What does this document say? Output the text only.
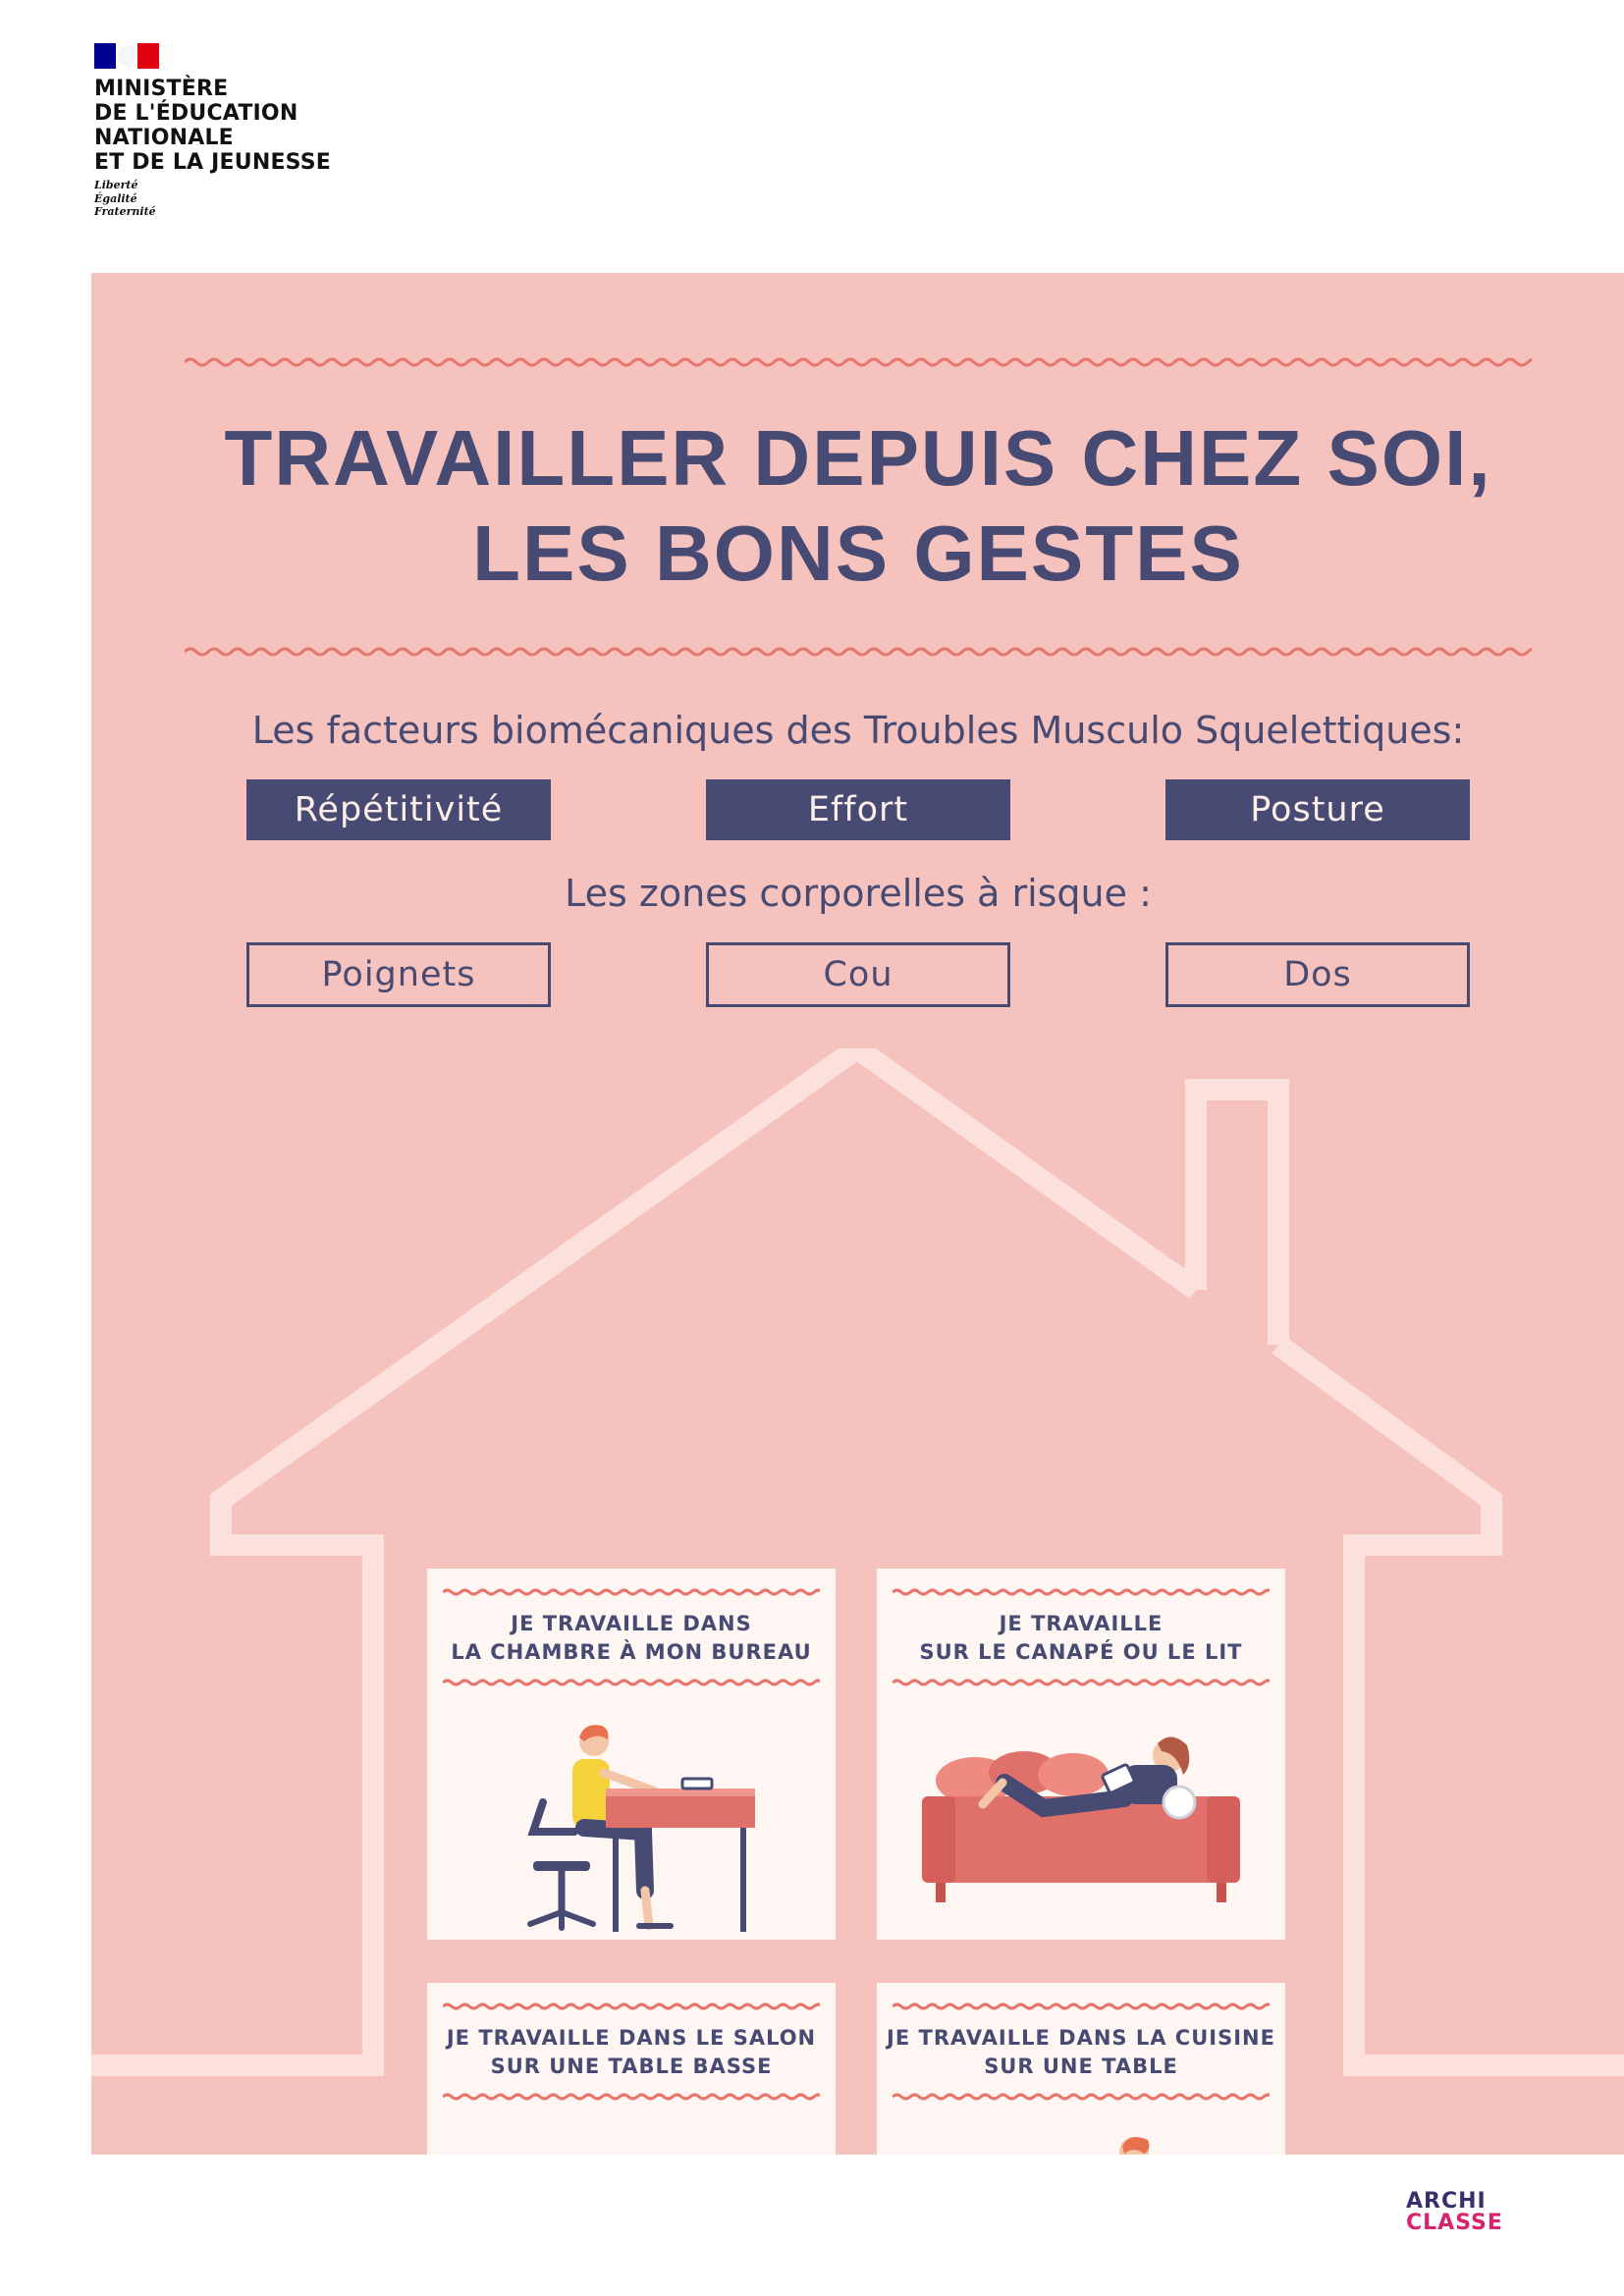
MINISTÈRE
DE L'ÉDUCATION
NATIONALE
ET DE LA JEUNESSE
Liberté
Égalité
Fraternité
TRAVAILLER DEPUIS CHEZ SOI,
LES BONS GESTES
Les facteurs biomécaniques des Troubles Musculo Squelettiques:
Répétitivité	Effort	Posture
Les zones corporelles à risque :
Poignets	Cou	Dos
JE TRAVAILLE DANS
LA CHAMBRE À MON BUREAU
JE TRAVAILLE
SUR LE CANAPÉ OU LE LIT
JE TRAVAILLE DANS LE SALON
SUR UNE TABLE BASSE
JE TRAVAILLE DANS LA CUISINE
SUR UNE TABLE
ARCHI
CLASSE
